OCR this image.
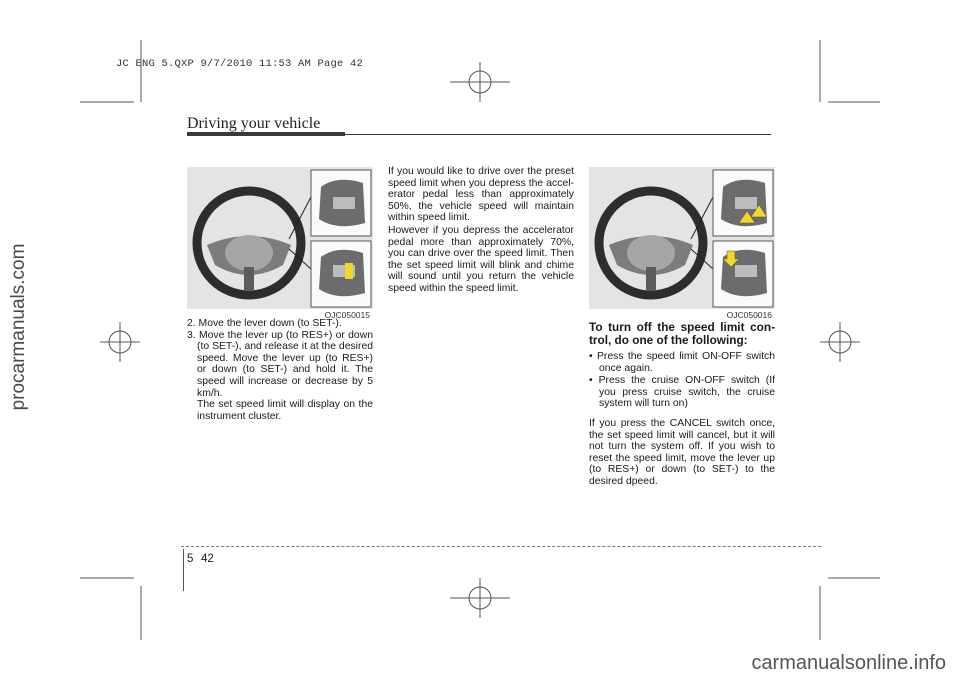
JC ENG 5.QXP 9/7/2010 11:53 AM Page 42
procarmanuals.com
carmanualsonline.info
Driving your vehicle
OJC050015	OJC050016
2. Move the lever down (to SET-).
3. Move the lever up (to RES+) or down (to SET-), and release it at the desired speed. Move the lever up (to RES+) or down (to SET-) and hold it. The speed will increase or decrease by 5 km/h.

The set speed limit will display on the instrument cluster.

If you would like to drive over the preset speed limit when you depress the accel-erator pedal less than approximately 50%, the vehicle speed will maintain within speed limit.

However if you depress the accelerator pedal more than approximately 70%, you can drive over the speed limit. Then the set speed limit will blink and chime will sound until you return the vehicle speed within the speed limit.

To turn off the speed limit con-trol, do one of the following:
• Press the speed limit ON-OFF switch once again.
• Press the cruise ON-OFF switch (If you press cruise switch, the cruise system will turn on)

If you press the CANCEL switch once, the set speed limit will cancel, but it will not turn the system off. If you wish to reset the speed limit, move the lever up (to RES+) or down (to SET-) to the desired dpeed.

5 42
